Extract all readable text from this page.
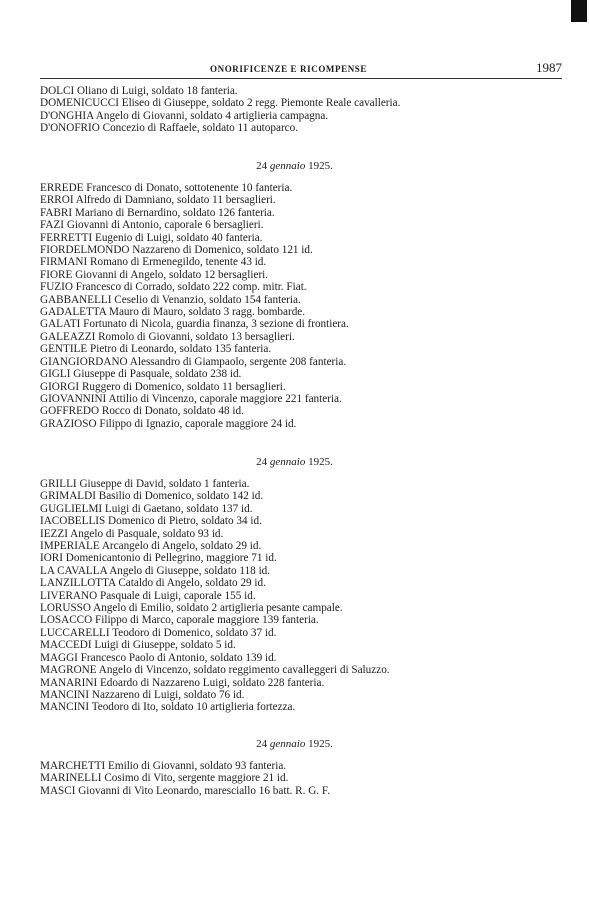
ONORIFICENZE E RICOMPENSE	1987
DOLCI Oliano di Luigi, soldato 18 fanteria.
DOMENICUCCI Eliseo di Giuseppe, soldato 2 regg. Piemonte Reale cavalleria.
D'ONGHIA Angelo di Giovanni, soldato 4 artiglieria campagna.
D'ONOFRIO Concezio di Raffaele, soldato 11 autoparco.
24 gennaio 1925.
ERREDE Francesco di Donato, sottotenente 10 fanteria.
ERROI Alfredo di Damniano, soldato 11 bersaglieri.
FABRI Mariano di Bernardino, soldato 126 fanteria.
FAZI Giovanni di Antonio, caporale 6 bersaglieri.
FERRETTI Eugenio di Luigi, soldato 40 fanteria.
FIORDELMONDO Nazzareno di Domenico, soldato 121 id.
FIRMANI Romano di Ermenegildo, tenente 43 id.
FIORE Giovanni di Angelo, soldato 12 bersaglieri.
FUZIO Francesco di Corrado, soldato 222 comp. mitr. Fiat.
GABBANELLI Ceselio di Venanzio, soldato 154 fanteria.
GADALETTA Mauro di Mauro, soldato 3 ragg. bombarde.
GALATI Fortunato di Nicola, guardia finanza, 3 sezione di frontiera.
GALEAZZI Romolo di Giovanni, soldato 13 bersaglieri.
GENTILE Pietro di Leonardo, soldato 135 fanteria.
GIANGIORDANO Alessandro di Giampaolo, sergente 208 fanteria.
GIGLI Giuseppe di Pasquale, soldato 238 id.
GIORGI Ruggero di Domenico, soldato 11 bersaglieri.
GIOVANNINI Attilio di Vincenzo, caporale maggiore 221 fanteria.
GOFFREDO Rocco di Donato, soldato 48 id.
GRAZIOSO Filippo di Ignazio, caporale maggiore 24 id.
24 gennaio 1925.
GRILLI Giuseppe di David, soldato 1 fanteria.
GRIMALDI Basilio di Domenico, soldato 142 id.
GUGLIELMI Luigi di Gaetano, soldato 137 id.
IACOBELLIS Domenico di Pietro, soldato 34 id.
IEZZI Angelo di Pasquale, soldato 93 id.
IMPERIALE Arcangelo di Angelo, soldato 29 id.
IORI Domenicantonio di Pellegrino, maggiore 71 id.
LA CAVALLA Angelo di Giuseppe, soldato 118 id.
LANZILLOTTA Cataldo di Angelo, soldato 29 id.
LIVERANO Pasquale di Luigi, caporale 155 id.
LORUSSO Angelo di Emilio, soldato 2 artiglieria pesante campale.
LOSACCO Filippo di Marco, caporale maggiore 139 fanteria.
LUCCARELLI Teodoro di Domenico, soldato 37 id.
MACCEDI Luigi di Giuseppe, soldato 5 id.
MAGGI Francesco Paolo di Antonio, soldato 139 id.
MAGRONE Angelo di Vincenzo, soldato reggimento cavalleggeri di Saluzzo.
MANARINI Edoardo di Nazzareno Luigi, soldato 228 fanteria.
MANCINI Nazzareno di Luigi, soldato 76 id.
MANCINI Teodoro di Ito, soldato 10 artiglieria fortezza.
24 gennaio 1925.
MARCHETTI Emilio di Giovanni, soldato 93 fanteria.
MARINELLI Cosimo di Vito, sergente maggiore 21 id.
MASCI Giovanni di Vito Leonardo, maresciallo 16 batt. R. G. F.
